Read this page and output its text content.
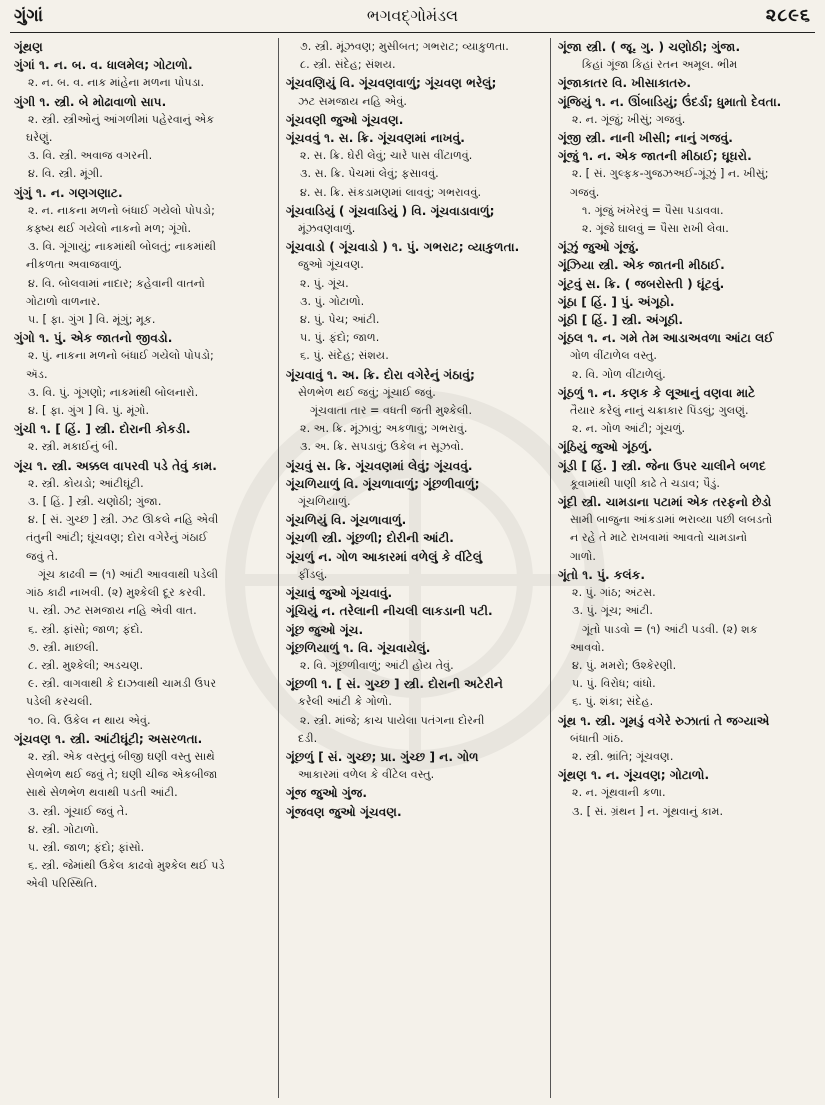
ગુંગાં	ભગવદ્ગોમંડલ	૨૮૯૬
ગૂંથણ
ગુંગાં ૧. ન. બ. વ. ધાલમેલ; ગોટાળો.
૨. ન. બ. વ. નાક માંહેના મળના પોપડા.
ગુંગી ૧. સ્ત્રી. બે મોઢાવાળો સાપ.
૨. સ્ત્રી. સ્ત્રીઓનું આંગળીમાં પહેરવાનું એક
ઘરેણું.
૩. વિ. સ્ત્રી. અવાજ વગરની.
૪. વિ. સ્ત્રી. મૂંગી.
ગુંગું ૧. ન. ગણગણાટ.
૨. ન. નાકના મળનો બંધાઈ ગયેલો પોપડો;
કફ્ષ્ય થઈ ગયેલો નાકનો મળ; ગૂંગો.
૩. વિ. ગૂંગાયું; નાકમાંથી બોલતું; નાકમાંથી
નીકળતા અવાજવાળું.
૪. વિ. બોલવામાં નાદાર; કહેવાની વાતનો
ગોટાળો વાળનાર.
૫. [ ફા. ગુંગ ] વિ. મૂંગું; મૂક.
ગુંગો ૧. પું. એક જાતનો જીવડો.
૨. પું. નાકના મળનો બંધાઈ ગયેલો પોપડો;
ઍડ.
૩. વિ. પું. ગૂંગણો; નાકમાંથી બોલનારો.
૪. [ ફા. ગુંગ ] વિ. પું. મૂંગો.
ગુંચી ૧. [ હિં. ] સ્ત્રી. દોરાની કોકડી.
૨. સ્ત્રી. મકાઈનું બી.
ગૂંચ ૧. સ્ત્રી. અક્કલ વાપરવી પડે તેવું કામ.
૨. સ્ત્રી. કોયડો; આંટીઘૂંટી.
૩. [ હિં. ] સ્ત્રી. ચણોઠી; ગુંજા.
૪. [ સં. ગુચ્છ ] સ્ત્રી. ઝટ ઊકલે નહિ એવી
તંતુની આંટી; ઘૂંચવણ; દોરા વગેરેનું ગંઠાઈ
જવું તે.
ગૂંચ કાઢવી = (૧) આંટી આવવાથી પડેલી
ગાંઠ કાઢી નાખવી. (૨) મુશ્કેલી દૂર કરવી.
૫. સ્ત્રી. ઝટ સમજાય નહિ એવી વાત.
૬. સ્ત્રી. ફાંસો; જાળ; ફંદો.
૭. સ્ત્રી. માછલી.
૮. સ્ત્રી. મુશ્કેલી; અડચણ.
૯. સ્ત્રી. વાગવાથી કે દાઝવાથી ચામડી ઉપર
પડેલી કરચલી.
૧૦. વિ. ઉકેલ ન થાય એવું.
ગૂંચવણ ૧. સ્ત્રી. આંટીઘૂંટી; અસરળતા.
૨. સ્ત્રી. એક વસ્તુનું બીજી ઘણી વસ્તુ સાથે
સેળભેળ થઈ જવું તે; ઘણી ચીજ એકબીજા
સાથે સેળભેળ થવાથી પડતી આંટી.
૩. સ્ત્રી. ગૂંચાઈ જવું તે.
૪. સ્ત્રી. ગોટાળો.
૫. સ્ત્રી. જાળ; ફંદો; ફાંસો.
૬. સ્ત્રી. જેમાંથી ઉકેલ કાઢવો મુશ્કેલ થઈ પડે
એવી પરિસ્થિતિ.
૭. સ્ત્રી. મૂંઝવણ; મુસીબત; ગભરાટ; વ્યાકુળતા.
૮. સ્ત્રી. સંદેહ; સંશય.
ગૂંચવણિયું વિ. ગૂંચવણવાળું; ગૂંચવણ ભરેલું;
ઝટ સમજાય નહિ એવું.
ગૂંચવણી જુઓ ગૂંચવણ.
ગૂંચવવું ૧. સ. ક્રિ. ગૂંચવણમાં નાખવું.
૨. સ. ક્રિ. ઘેરી લેવું; ચારે પાસ વીંટાળવું.
૩. સ. ક્રિ. પેચમાં લેવું; ફસાવવું.
૪. સ. ક્રિ. સંકડામણમાં લાવવું; ગભરાવવું.
ગૂંચવાડિયું ( ગૂંચવાડિયું ) વિ. ગૂંચવાડાવાળું;
મૂંઝવણવાળું.
ગૂંચવાડો ( ગૂંચવાડો ) ૧. પું. ગભરાટ; વ્યાકુળતા.
જુઓ ગૂંચવણ.
૨. પું. ગૂંચ.
૩. પું. ગોટાળો.
૪. પું. પેચ; આંટી.
૫. પું. ફંદો; જાળ.
૬. પું. સંદેહ; સંશય.
ગૂંચવાવું ૧. અ. ક્રિ. દોરા વગેરેનું ગંઠાવું;
સેળભેળ થઈ જવું; ગૂંચાઈ જવું.
ગૂંચવાતા તાર = વધતી જતી મુશ્કેલી.
૨. અ. ક્રિ. મૂંઝાવું; અકળાવું; ગભરાવું.
૩. અ. ક્રિ. સપડાવું; ઉકેલ ન સૂઝવો.
ગૂંચવું સ. ક્રિ. ગૂંચવણમાં લેવું; ગૂંચવવું.
ગૂંચળિયાળું વિ. ગૂંચળાવાળું; ગૂંછળીવાળું;
ગૂંચળિયાળું.
ગૂંચળિયું વિ. ગૂંચળાવાળું.
ગૂંચળી સ્ત્રી. ગૂંછળી; દોરીની આંટી.
ગૂંચળું ન. ગોળ આકારમાં વળેલું કે વીંટેલું
ફીંડલું.
ગૂંચાવું જુઓ ગૂંચવાવું.
ગૂંચિયું ન. તરેલાની નીચલી લાકડાની પટી.
ગૂંછ જુઓ ગૂંચ.
ગૂંછળિયાળું ૧. વિ. ગૂંચવાયેલું.
૨. વિ. ગૂંછળીવાળું; આંટી હોય તેવું.
ગૂંછળી ૧. [ સં. ગુચ્છ ] સ્ત્રી. દોરાની અટેરીને
કરેલી આંટી કે ગોળો.
૨. સ્ત્રી. માંજે; કાચ પાયેલા પતંગના દોરની
દડી.
ગૂંછળું [ સં. ગુચ્છ; પ્રા. ગુંચ્છ ] ન. ગોળ
આકારમાં વળેલ કે વીંટેલ વસ્તુ.
ગૂંજ જુઓ ગુંજ.
ગૂંજવણ જુઓ ગૂંચવણ.
ગૂંજા સ્ત્રી. ( જૂ. ગુ. ) ચણોઠી; ગુંજા.
કિહાં ગૂંજા કિહાં રતન અમૂલ. ભીમ
ગૂંજાકાતર વિ. ખીસાકાતરુ.
ગૂંજિયું ૧. ન. ઊંબાડિયું; ઉંદર્ડા; ધુમાતો દેવતા.
૨. ન. ગૂંજું; ખીસું; ગજવું.
ગૂંજી સ્ત્રી. નાની ખીસી; નાનું ગજવું.
ગૂંજું ૧. ન. એક જાતની મીઠાઈ; ઘૂઘરો.
૨. [ સં. ગુલ્ફક-ગુજઝઅઈ-ગૂંઝું ] ન. ખીસું;
ગજવું.
૧. ગૂંજું ખંખેરવું = પૈસા પડાવવા.
૨. ગૂંજે ઘાલવું = પૈસા રાખી લેવા.
ગૂંઝું જુઓ ગૂંજું.
ગૂંઝિયા સ્ત્રી. એક જાતની મીઠાઈ.
ગૂંટવું સ. ક્રિ. ( જબરોસ્તી ) ઘૂંટવું.
ગૂંઠા [ હિં. ] પું. અંગૂઠો.
ગૂંઠી [ હિં. ] સ્ત્રી. અંગૂઠી.
ગૂંઠલ ૧. ન. ગમે તેમ આડાઅવળા આંટા લઈ
ગોળ વીંટાળેલ વસ્તુ.
૨. વિ. ગોળ વીંટાળેલું.
ગૂંઠળું ૧. ન. કણક કે લૂઆનું વણવા માટે
તૈયાર કરેલું નાનું ચક્રાકાર પિંડલું; ગુલણું.
૨. ન. ગોળ આંટી; ગૂંચળું.
ગૂંઠિયું જુઓ ગૂંઠળું.
ગૂંડી [ હિં. ] સ્ત્રી. જેના ઉપર ચાલીને બળદ
કૂવામાંથી પાણી કાઢે તે ચડાવ; પૈડું.
ગૂંદી સ્ત્રી. ચામડાના પટામાં એક તરફનો છેડો
સામી બાજુના આંકડામાં ભરાવ્યા પછી લબડતો
ન રહે તે માટે રાખવામાં આવતો ચામડાનો
ગાળો.
ગૂંતો ૧. પું. કલંક.
૨. પું. ગાંઠ; અંટસ.
૩. પું. ગૂંચ; આંટી.
ગૂંતો પાડવો = (૧) આંટી પડવી. (૨) શક
આવવો.
૪. પું. મમરો; ઉશ્કેરણી.
૫. પું. વિરોધ; વાંધો.
૬. પું. શંકા; સંદેહ.
ગૂંથ ૧. સ્ત્રી. ગૂમડું વગેરે રુઝાતાં તે જગ્યાએ
બંધાતી ગાંઠ.
૨. સ્ત્રી. ભ્રાંતિ; ગૂંચવણ.
ગૂંથણ ૧. ન. ગૂંચવણ; ગોટાળો.
૨. ન. ગૂંથવાની કળા.
૩. [ સં. ગ્રંથન ] ન. ગૂંથવાનું કામ.
